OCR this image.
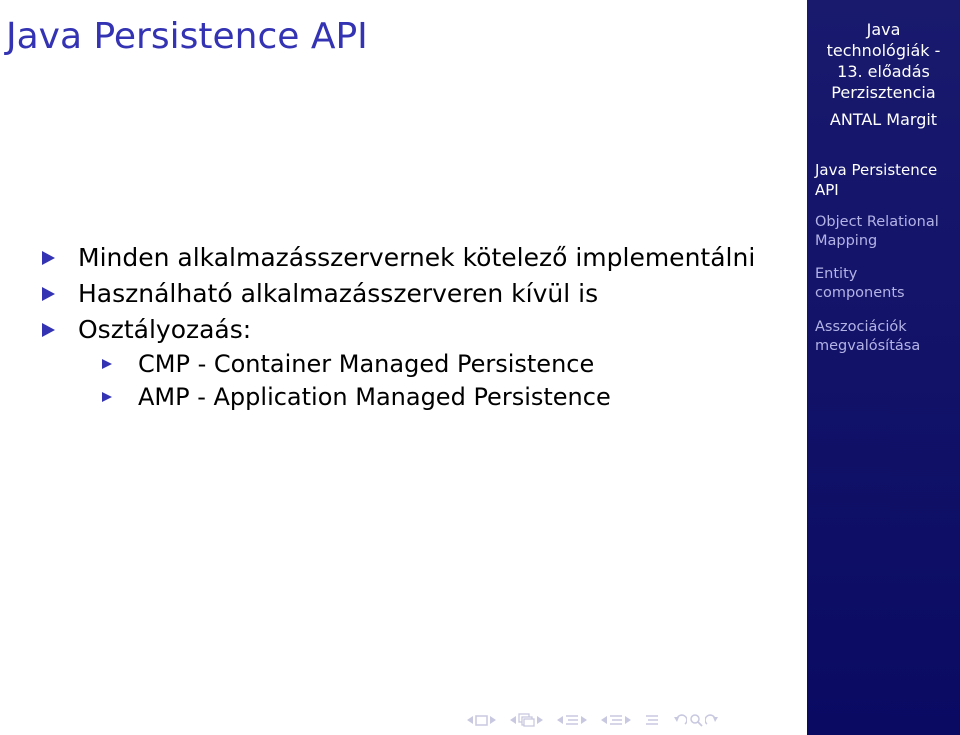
Java Persistence API
Minden alkalmazásszervernek kötelező implementálni
Használható alkalmazásszerveren kívül is
Osztályozaás:
CMP - Container Managed Persistence
AMP - Application Managed Persistence
Java
technológiák -
13. előadás
Perzisztencia
ANTAL Margit
Java Persistence
API
Object Relational
Mapping
Entity
components
Asszociációk
megvalósítása
